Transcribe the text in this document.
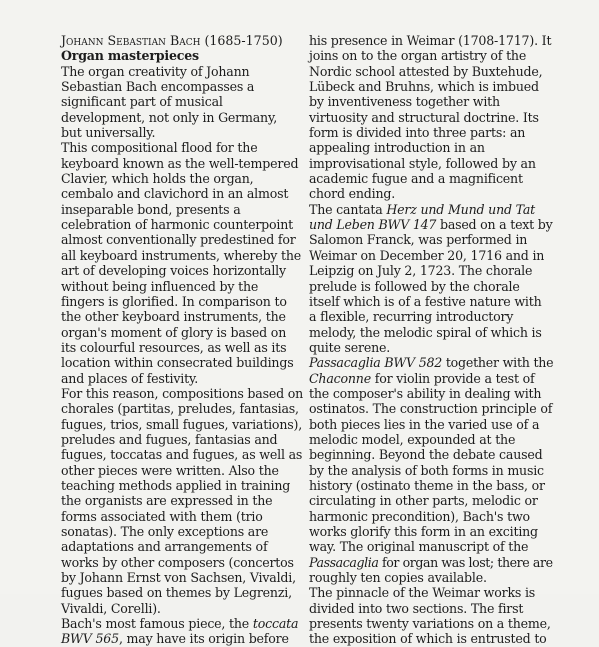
Johann Sebastian Bach (1685-1750)
Organ masterpieces
The organ creativity of Johann
Sebastian Bach encompasses a
significant part of musical
development, not only in Germany,
but universally.
This compositional flood for the
keyboard known as the well-tempered
Clavier, which holds the organ,
cembalo and clavichord in an almost
inseparable bond, presents a
celebration of harmonic counterpoint
almost conventionally predestined for
all keyboard instruments, whereby the
art of developing voices horizontally
without being influenced by the
fingers is glorified. In comparison to
the other keyboard instruments, the
organ's moment of glory is based on
its colourful resources, as well as its
location within consecrated buildings
and places of festivity.
For this reason, compositions based on
chorales (partitas, preludes, fantasias,
fugues, trios, small fugues, variations),
preludes and fugues, fantasias and
fugues, toccatas and fugues, as well as
other pieces were written. Also the
teaching methods applied in training
the organists are expressed in the
forms associated with them (trio
sonatas). The only exceptions are
adaptations and arrangements of
works by other composers (concertos
by Johann Ernst von Sachsen, Vivaldi,
fugues based on themes by Legrenzi,
Vivaldi, Corelli).
Bach's most famous piece, the toccata
BWV 565, may have its origin before
his presence in Weimar (1708-1717). It
joins on to the organ artistry of the
Nordic school attested by Buxtehude,
Lübeck and Bruhns, which is imbued
by inventiveness together with
virtuosity and structural doctrine. Its
form is divided into three parts: an
appealing introduction in an
improvisational style, followed by an
academic fugue and a magnificent
chord ending.
The cantata Herz und Mund und Tat
und Leben BWV 147 based on a text by
Salomon Franck, was performed in
Weimar on December 20, 1716 and in
Leipzig on July 2, 1723. The chorale
prelude is followed by the chorale
itself which is of a festive nature with
a flexible, recurring introductory
melody, the melodic spiral of which is
quite serene.
Passacaglia BWV 582 together with the
Chaconne for violin provide a test of
the composer's ability in dealing with
ostinatos. The construction principle of
both pieces lies in the varied use of a
melodic model, expounded at the
beginning. Beyond the debate caused
by the analysis of both forms in music
history (ostinato theme in the bass, or
circulating in other parts, melodic or
harmonic precondition), Bach's two
works glorify this form in an exciting
way. The original manuscript of the
Passacaglia for organ was lost; there are
roughly ten copies available.
The pinnacle of the Weimar works is
divided into two sections. The first
presents twenty variations on a theme,
the exposition of which is entrusted to
